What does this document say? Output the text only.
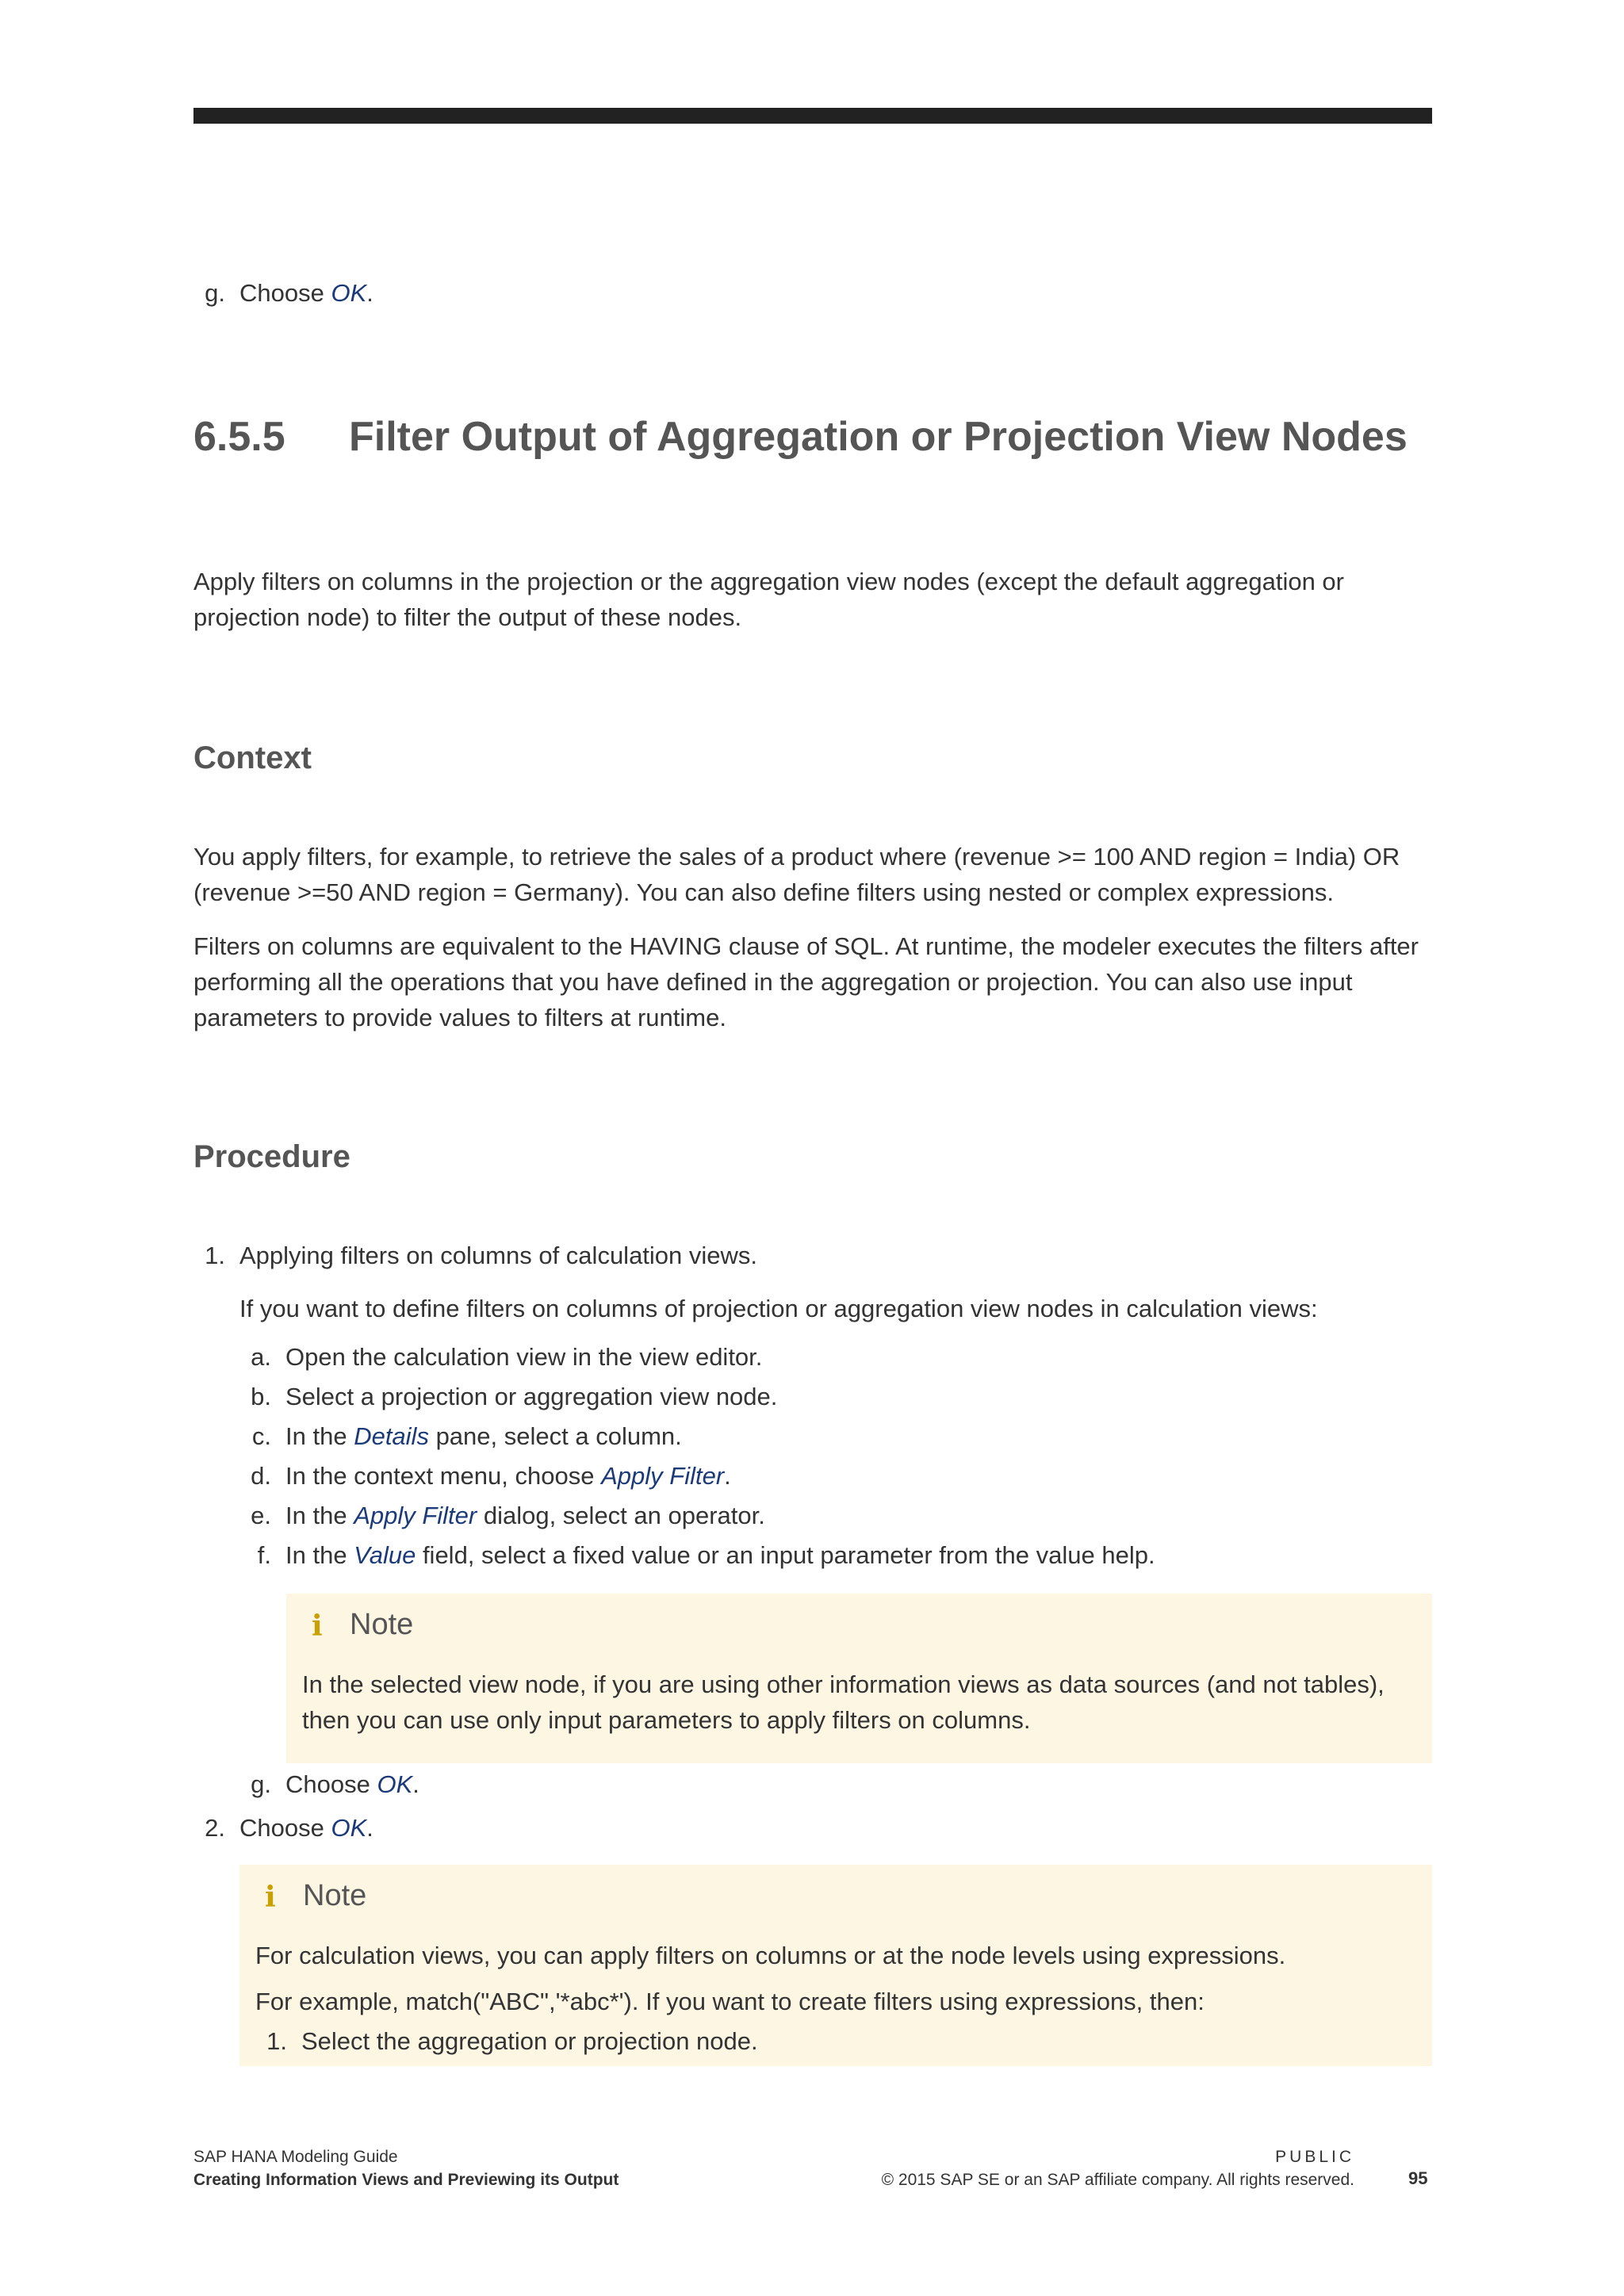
g. Choose OK.
6.5.5 Filter Output of Aggregation or Projection View Nodes

Apply filters on columns in the projection or the aggregation view nodes (except the default aggregation or projection node) to filter the output of these nodes.

Context

You apply filters, for example, to retrieve the sales of a product where (revenue >= 100 AND region = India) OR (revenue >=50 AND region = Germany). You can also define filters using nested or complex expressions.

Filters on columns are equivalent to the HAVING clause of SQL. At runtime, the modeler executes the filters after performing all the operations that you have defined in the aggregation or projection. You can also use input parameters to provide values to filters at runtime.

Procedure
1. Applying filters on columns of calculation views.
If you want to define filters on columns of projection or aggregation view nodes in calculation views:
a. Open the calculation view in the view editor.
b. Select a projection or aggregation view node.
c. In the Details pane, select a column.
d. In the context menu, choose Apply Filter.
e. In the Apply Filter dialog, select an operator.
f. In the Value field, select a fixed value or an input parameter from the value help.
i Note
In the selected view node, if you are using other information views as data sources (and not tables), then you can use only input parameters to apply filters on columns.
g. Choose OK.
2. Choose OK.
i Note
For calculation views, you can apply filters on columns or at the node levels using expressions.
For example, match("ABC",'*abc*'). If you want to create filters using expressions, then:
1. Select the aggregation or projection node.
SAP HANA Modeling Guide
Creating Information Views and Previewing its Output
PUBLIC
© 2015 SAP SE or an SAP affiliate company. All rights reserved.	95
